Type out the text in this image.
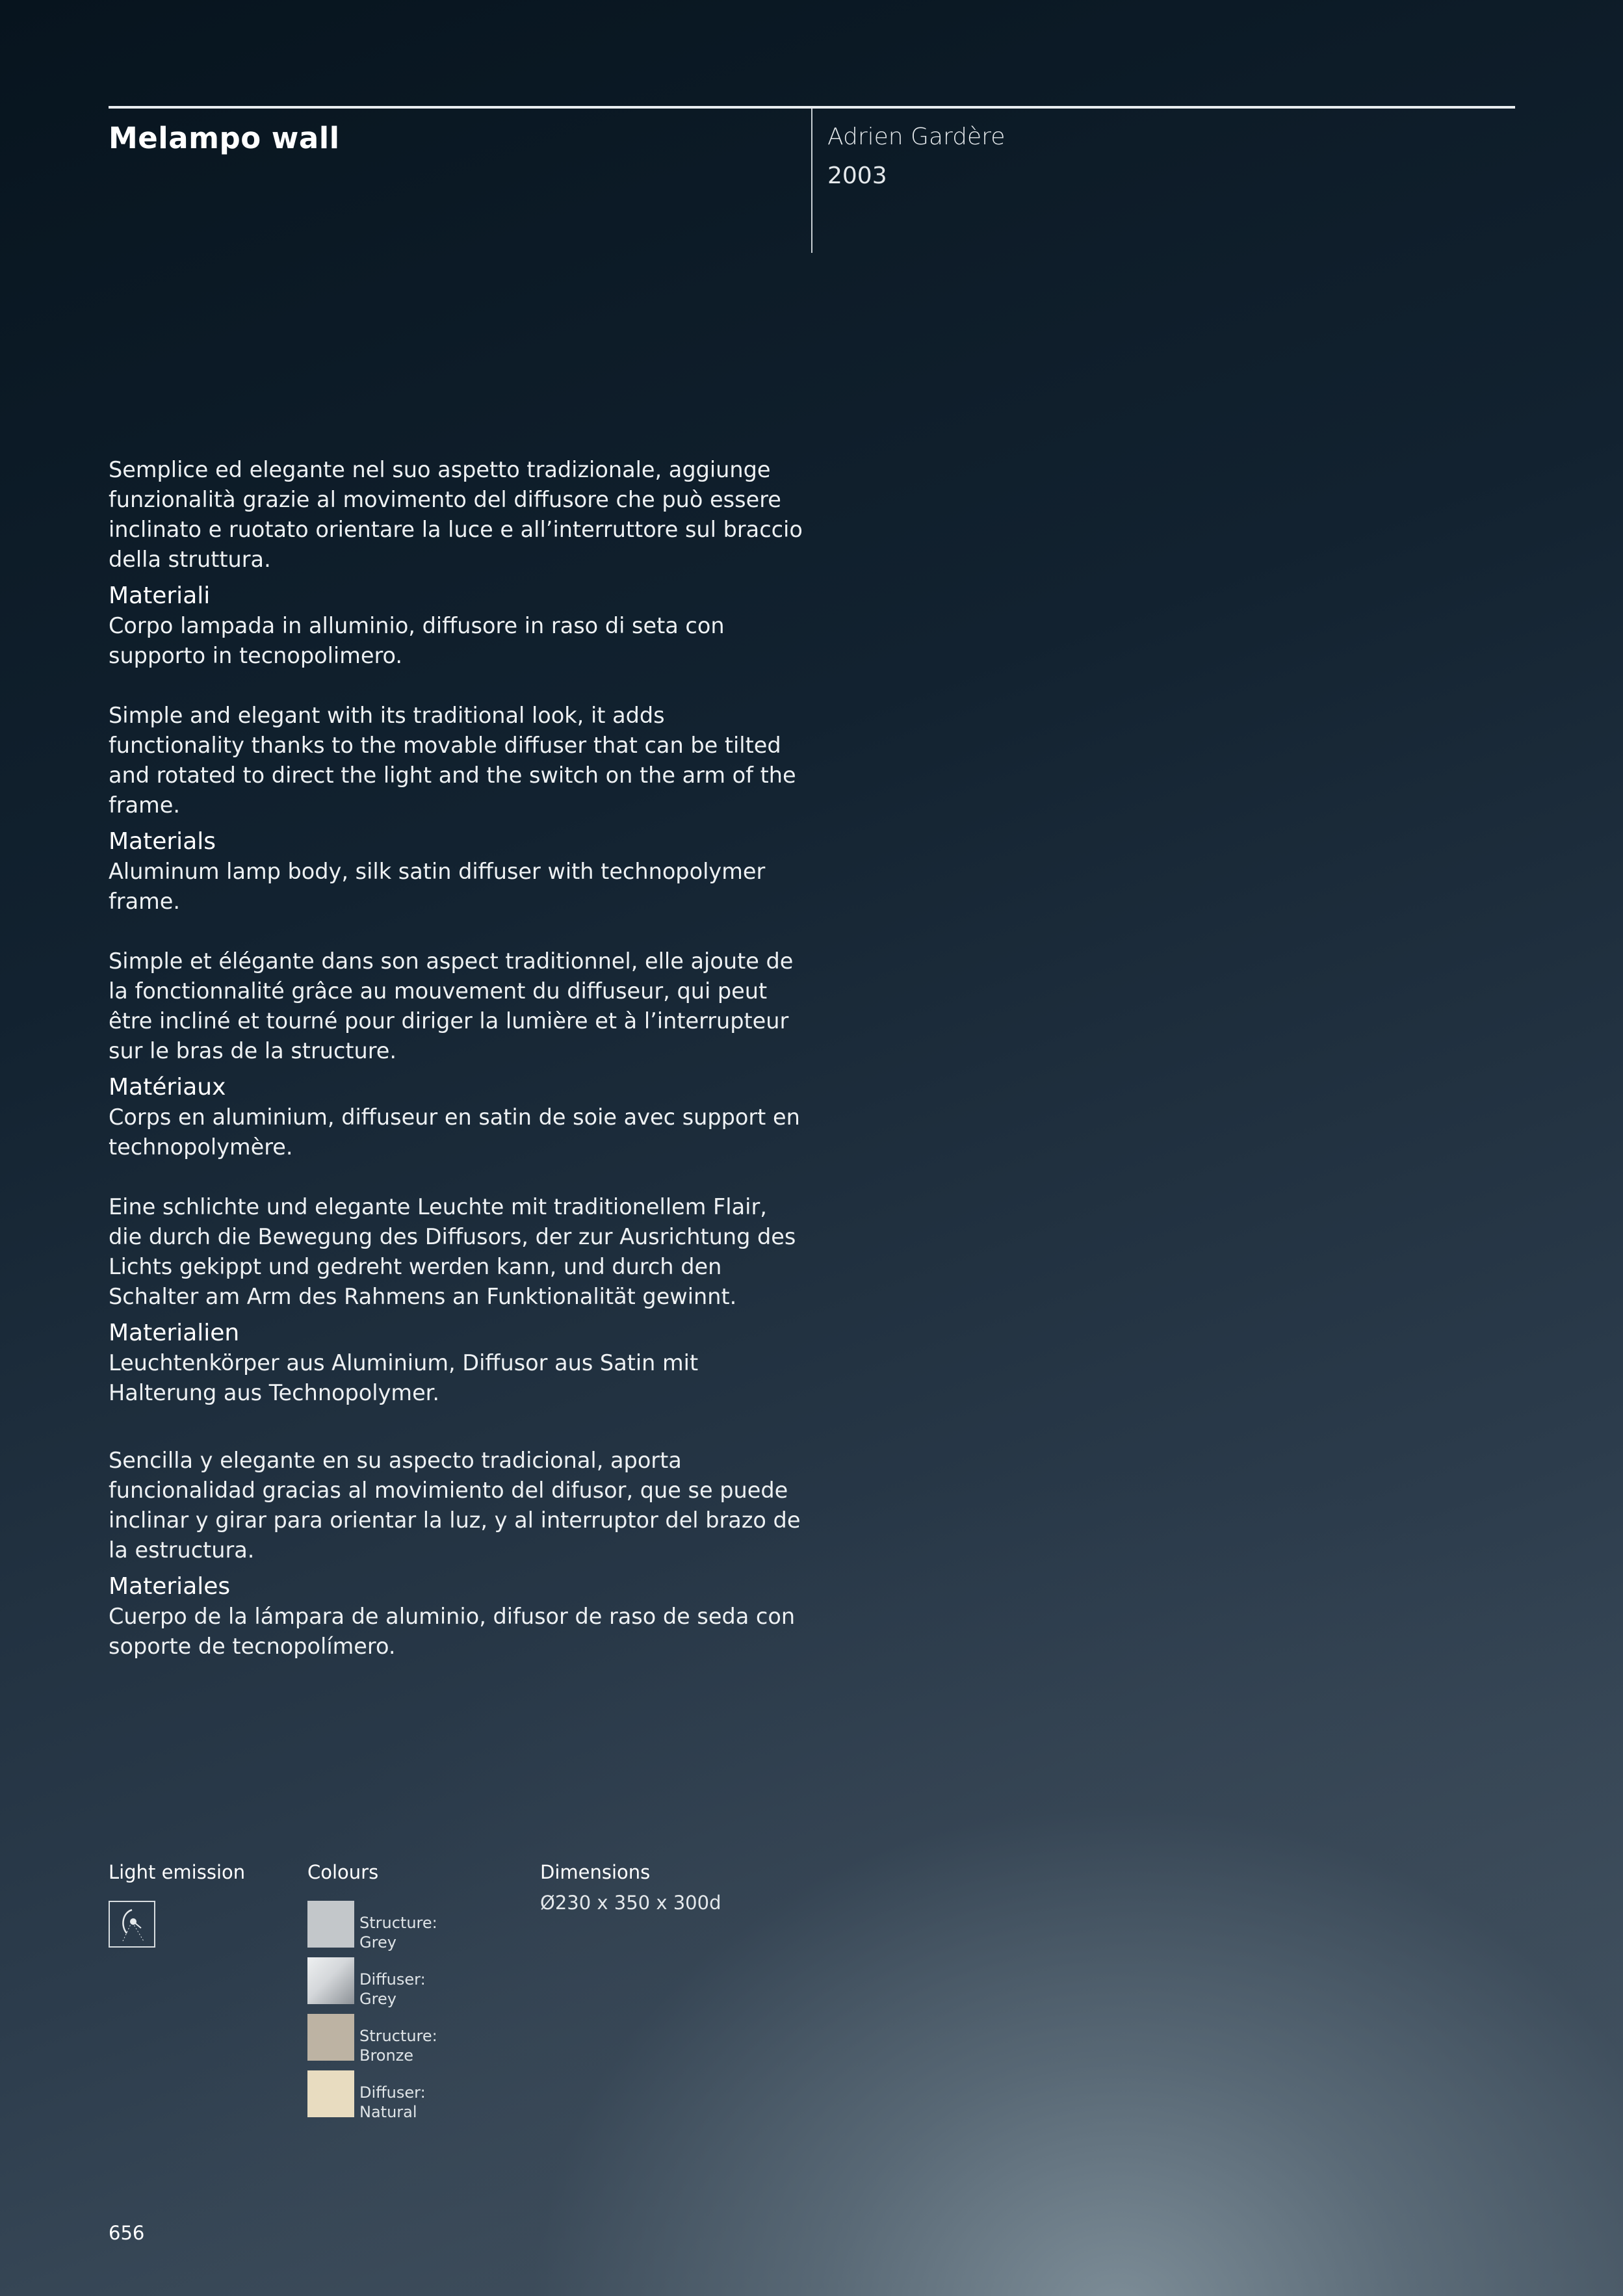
Melampo wall	Adrien Gardère
2003

Semplice ed elegante nel suo aspetto tradizionale, aggiunge funzionalità grazie al movimento del diffusore che può essere inclinato e ruotato orientare la luce e all’interruttore sul braccio della struttura.

Materiali

Corpo lampada in alluminio, diffusore in raso di seta con supporto in tecnopolimero.

Simple and elegant with its traditional look, it adds functionality thanks to the movable diffuser that can be tilted and rotated to direct the light and the switch on the arm of the frame.

Materials

Aluminum lamp body, silk satin diffuser with technopolymer frame.

Simple et élégante dans son aspect traditionnel, elle ajoute de la fonctionnalité grâce au mouvement du diffuseur, qui peut être incliné et tourné pour diriger la lumière et à l’interrupteur sur le bras de la structure.

Matériaux

Corps en aluminium, diffuseur en satin de soie avec support en technopolymère.

Eine schlichte und elegante Leuchte mit traditionellem Flair, die durch die Bewegung des Diffusors, der zur Ausrichtung des Lichts gekippt und gedreht werden kann, und durch den Schalter am Arm des Rahmens an Funktionalität gewinnt.

Materialien

Leuchtenkörper aus Aluminium, Diffusor aus Satin mit Halterung aus Technopolymer.

Sencilla y elegante en su aspecto tradicional, aporta funcionalidad gracias al movimiento del difusor, que se puede inclinar y girar para orientar la luz, y al interruptor del brazo de la estructura.

Materiales

Cuerpo de la lámpara de aluminio, difusor de raso de seda con soporte de tecnopolímero.

Light emission	Colours	Dimensions
Ø230 x 350 x 300d
Structure:
Grey
Diffuser:
Grey
Structure:
Bronze
Diffuser:
Natural
656
